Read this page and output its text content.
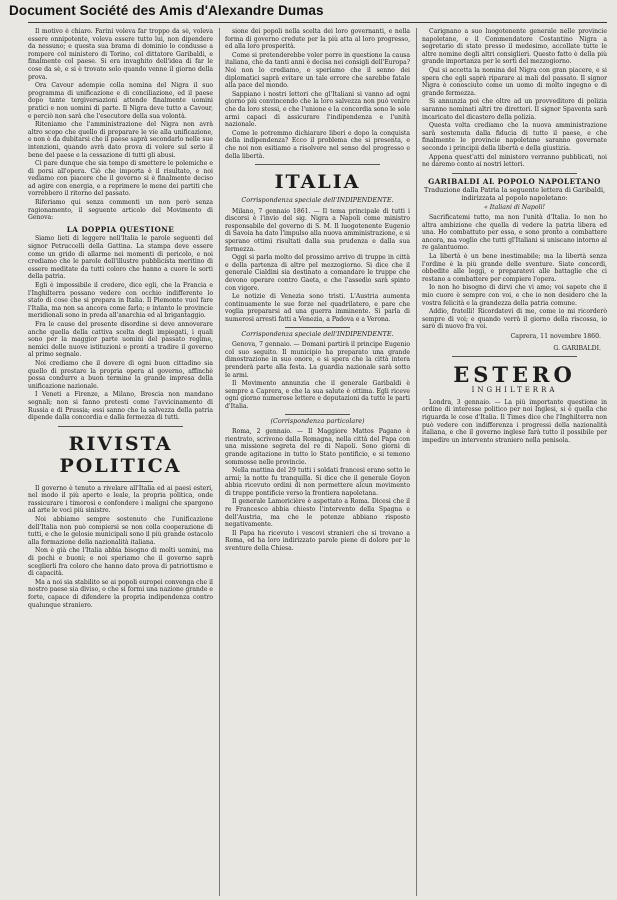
Document Société des Amis d'Alexandre Dumas

Il motivo è chiaro. Farini voleva far troppo da sè, voleva essere onnipotente, voleva essere tutto lui, non dipendere da nessuno; e questa sua brama di dominio lo condusse a rompere col ministero di Torino, col dittatore Garibaldi, e finalmente col paese. Si era invaghito dell'idea di far le cose da sè, e si è trovato solo quando venne il giorno della prova.

Ora Cavour adempie colla nomina del Nigra il suo programma di unificazione e di conciliazione, ed il paese dopo tante tergiversazioni attende finalmente uomini pratici e non uomini di parte. Il Nigra deve tutto a Cavour, e perciò non sarà che l'esecutore della sua volontà.

Riteniamo che l'amministrazione del Nigra non avrà altro scopo che quello di preparare le vie alla unificazione, e non è da dubitarsi che il paese saprà secondarlo nelle sue intenzioni, quando avrà dato prova di volere sul serio il bene del paese e la cessazione di tutti gli abusi.

Ci pare dunque che sia tempo di smettere le polemiche e di porsi all'opera. Ciò che importa è il risultato, e noi vediamo con piacere che il governo si è finalmente deciso ad agire con energia, e a reprimere le mene dei partiti che vorrebbero il ritorno del passato.

Riferiamo qui senza commenti un non però senza ragionamento, il seguente articolo del Movimento di Genova:

LA DOPPIA QUESTIONE

Siamo lieti di leggere nell'Italia le parole seguenti del signor Petruccelli della Gattina. La stampa deve essere come un grido di allarme nei momenti di pericolo, e noi crediamo che le parole dell'illustre pubblicista meritino di essere meditate da tutti coloro che hanno a cuore le sorti della patria.

Egli è impossibile il credere, dice egli, che la Francia e l'Inghilterra possano vedere con occhio indifferente lo stato di cose che si prepara in Italia. Il Piemonte vuol fare l'Italia, ma non sa ancora come farla; e intanto le provincie meridionali sono in preda all'anarchia ed al brigantaggio.

Fra le cause del presente disordine si deve annoverare anche quella della cattiva scelta degli impiegati, i quali sono per la maggior parte uomini del passato regime, nemici delle nuove istituzioni e pronti a tradire il governo al primo segnale.

Noi crediamo che il dovere di ogni buon cittadino sia quello di prestare la propria opera al governo, affinchè possa condurre a buon termine la grande impresa della unificazione nazionale.

I Veneti a Firenze, a Milano, Brescia non mandano segnali; non si fanno pretesti come l'avvicinamento di Russia e di Prussia; essi sanno che la salvezza della patria dipende dalla concordia e dalla fermezza di tutti.

RIVISTA POLITICA

Il governo è tenuto a rivelare all'Italia ed ai paesi esteri, nel modo il più aperto e leale, la propria politica, onde rassicurare i timorosi e confondere i maligni che spargono ad arte le voci più sinistre.

Noi abbiamo sempre sostenuto che l'unificazione dell'Italia non può compiersi se non colla cooperazione di tutti, e che le gelosie municipali sono il più grande ostacolo alla formazione della nazionalità italiana.

Non è già che l'Italia abbia bisogno di molti uomini, ma di pochi e buoni; e noi speriamo che il governo saprà sceglierli fra coloro che hanno dato prova di patriottismo e di capacità.

Ma a noi sia stabilito se ai popoli europei convenga che il nostro paese sia diviso, o che si formi una nazione grande e forte, capace di difendere la propria indipendenza contro qualunque straniero.

sione dei popoli nella scelta dei loro governanti, e nella forma di governo credute per la più atta al loro progresso, ed alla loro prosperità.

Come si pretenderebbe voler porre in questione la causa italiana, che da tanti anni è decisa nei consigli dell'Europa? Noi non lo crediamo, e speriamo che il senno dei diplomatici saprà evitare un tale errore che sarebbe fatale alla pace del mondo.

Sappiano i nostri lettori che gl'Italiani si vanno ad ogni giorno più convincendo che la loro salvezza non può venire che da loro stessi, e che l'unione e la concordia sono le sole armi capaci di assicurare l'indipendenza e l'unità nazionale.

Come le potremmo dichiarare liberi e dopo la conquista della indipendenza? Ecco il problema che si presenta, e che noi non esitiamo a risolvere nel senso del progresso e della libertà.

ITALIA
Corrispondenza speciale dell'INDIPENDENTE.

Milano, 7 gennaio 1861. — Il tema principale di tutti i discorsi è l'invio del sig. Nigra a Napoli come ministro responsabile del governo di S. M. Il luogotenente Eugenio di Savoia ha dato l'impulso alla nuova amministrazione, e si sperano ottimi risultati dalla sua prudenza e dalla sua fermezza.

Oggi si parla molto del prossimo arrivo di truppe in città e della partenza di altre pel mezzogiorno. Si dice che il generale Cialdini sia destinato a comandare le truppe che devono operare contro Gaeta, e che l'assedio sarà spinto con vigore.

Le notizie di Venezia sono tristi. L'Austria aumenta continuamente le sue forze nel quadrilatero, e pare che voglia prepararsi ad una guerra imminente. Si parla di numerosi arresti fatti a Venezia, a Padova e a Verona.

Corrispondenza speciale dell'INDIPENDENTE.

Genova, 7 gennaio. — Domani partirà il principe Eugenio col suo seguito. Il municipio ha preparato una grande dimostrazione in suo onore, e si spera che la città intera prenderà parte alla festa. La guardia nazionale sarà sotto le armi.

Il Movimento annunzia che il generale Garibaldi è sempre a Caprera, e che la sua salute è ottima. Egli riceve ogni giorno numerose lettere e deputazioni da tutte le parti d'Italia.

(Corrispondenza particolare)

Roma, 2 gennaio. — Il Maggiore Mattos Pagano è rientrato, scrivono dalla Romagna, nella città del Papa con una missione segreta del re di Napoli. Sono giorni di grande agitazione in tutto lo Stato pontificio, e si temono sommosse nelle provincie.

Nella mattina del 29 tutti i soldati francesi erano sotto le armi; la notte fu tranquilla. Si dice che il generale Goyon abbia ricevuto ordini di non permettere alcun movimento di truppe pontificie verso la frontiera napoletana.

Il generale Lamoricière è aspettato a Roma. Dicesi che il re Francesco abbia chiesto l'intervento della Spagna e dell'Austria, ma che le potenze abbiano risposto negativamente.

Il Papa ha ricevuto i vescovi stranieri che si trovano a Roma, ed ha loro indirizzato parole piene di dolore per le sventure della Chiesa.

Carignano a suo luogotenente generale nelle provincie napoletane, e il Commendatore Costantino Nigra a segretario di stato presso il medesimo, accollate tutte le altre nomine degli altri consiglieri. Questo fatto è della più grande importanza per le sorti del mezzogiorno.

Qui si accetta la nomina del Nigra con gran piacere, e si spera che egli saprà riparare ai mali del passato. Il signor Nigra è conosciuto come un uomo di molto ingegno e di grande fermezza.

Si annunzia poi che oltre ad un provveditore di polizia saranno nominati altri tre direttori. Il signor Spaventa sarà incaricato del dicastero della polizia.

Questa volta crediamo che la nuova amministrazione sarà sostenuta dalla fiducia di tutto il paese, e che finalmente le provincie napoletane saranno governate secondo i principii della libertà e della giustizia.

Appena quest'atti del ministero verranno pubblicati, noi ne daremo conto ai nostri lettori.

GARIBALDI AL POPOLO NAPOLETANO
Traduzione dalla Patria la seguente lettera di Garibaldi, indirizzata al popolo napoletano:
« Italiani di Napoli!

Sacrificatemi tutto, ma non l'unità d'Italia. Io non ho altra ambizione che quella di vedere la patria libera ed una. Ho combattuto per essa, e sono pronto a combattere ancora, ma voglio che tutti gl'Italiani si uniscano intorno al re galantuomo.

La libertà è un bene inestimabile; ma la libertà senza l'ordine è la più grande delle sventure. Siate concordi, obbedite alle leggi, e preparatevi alle battaglie che ci restano a combattere per compiere l'opera.

Io non ho bisogno di dirvi che vi amo; voi sapete che il mio cuore è sempre con voi, e che io non desidero che la vostra felicità e la grandezza della patria comune.

Addio, fratelli! Ricordatevi di me, come io mi ricorderò sempre di voi; e quando verrà il giorno della riscossa, io sarò di nuovo fra voi.

Caprera, 11 novembre 1860.
G. GARIBALDI.
ESTERO
INGHILTERRA

Londra, 3 gennaio. — La più importante questione in ordine di interesse politico per noi Inglesi, si è quella che riguarda le cose d'Italia. Il Times dice che l'Inghilterra non può vedere con indifferenza i progressi della nazionalità italiana, e che il governo inglese farà tutto il possibile per impedire un intervento straniero nella penisola.
